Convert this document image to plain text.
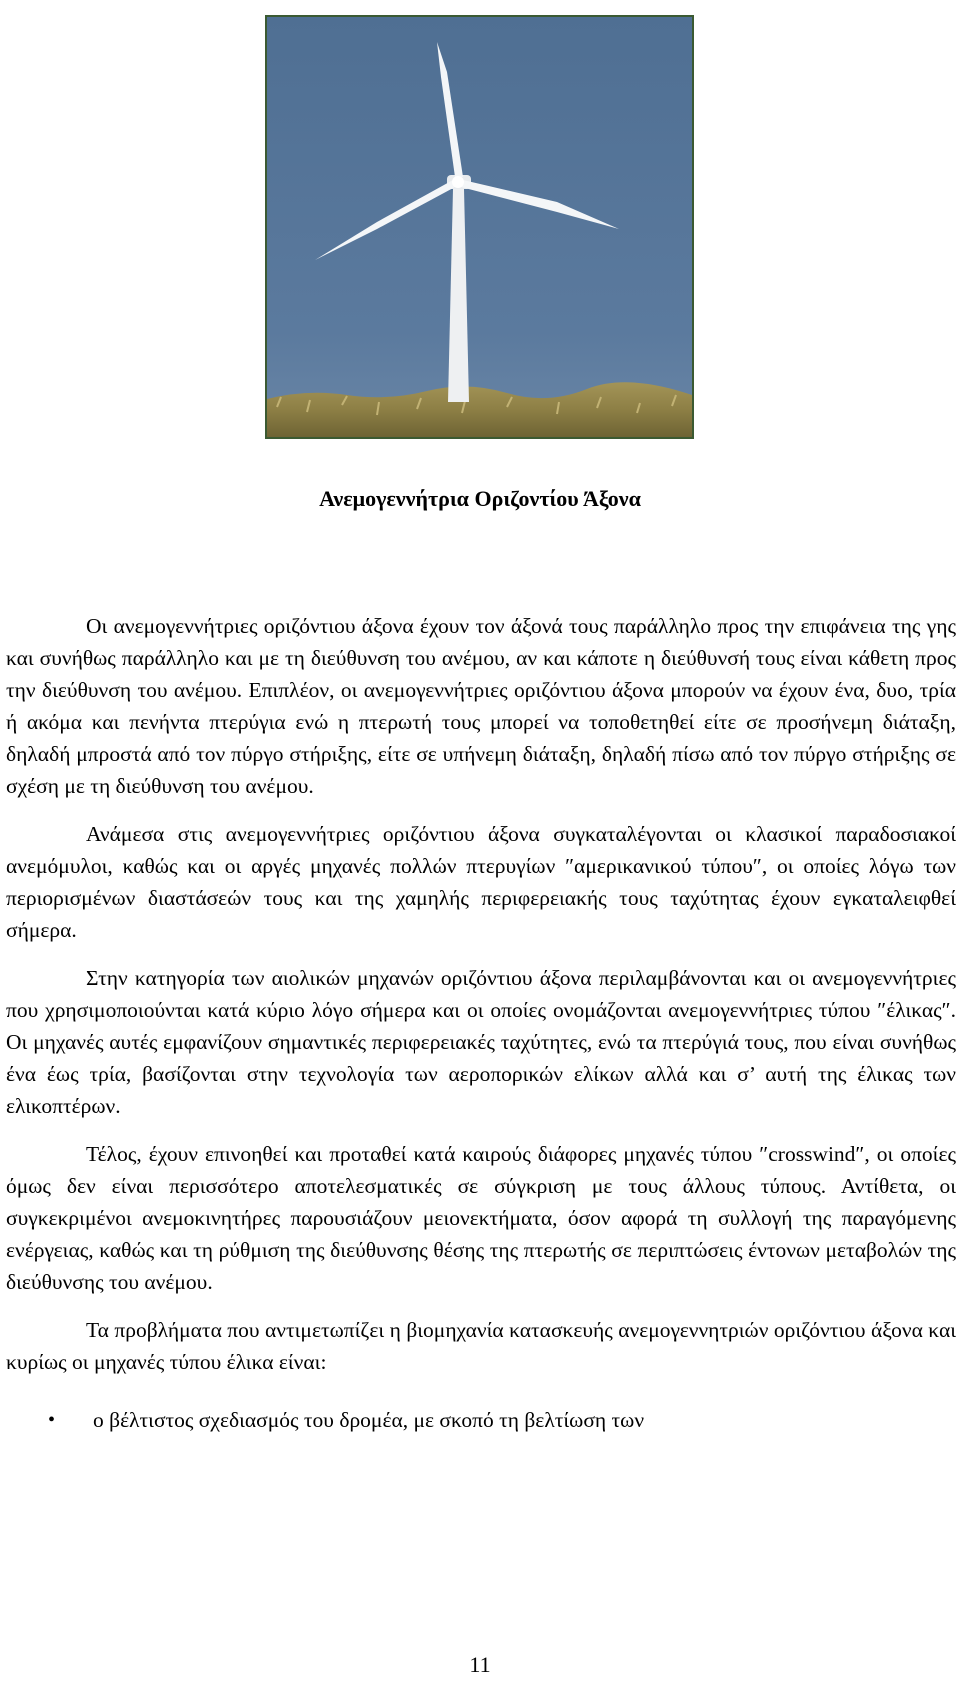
Ανεμογεννήτρια Οριζοντίου Άξονα

Οι ανεμογεννήτριες οριζόντιου άξονα έχουν τον άξονά τους παράλληλο προς την επιφάνεια της γης και συνήθως παράλληλο και με τη διεύθυνση του ανέμου, αν και κάποτε η διεύθυνσή τους είναι κάθετη προς την διεύθυνση του ανέμου. Επιπλέον, οι ανεμογεννήτριες οριζόντιου άξονα μπορούν να έχουν ένα, δυο, τρία ή ακόμα και πενήντα πτερύγια ενώ η πτερωτή τους μπορεί να τοποθετηθεί είτε σε προσήνεμη διάταξη, δηλαδή μπροστά από τον πύργο στήριξης, είτε σε υπήνεμη διάταξη, δηλαδή πίσω από τον πύργο στήριξης σε σχέση με τη διεύθυνση του ανέμου.

Ανάμεσα στις ανεμογεννήτριες οριζόντιου άξονα συγκαταλέγονται οι κλασικοί παραδοσιακοί ανεμόμυλοι, καθώς και οι αργές μηχανές πολλών πτερυγίων ″αμερικανικού τύπου″, οι οποίες λόγω των περιορισμένων διαστάσεών τους και της χαμηλής περιφερειακής τους ταχύτητας έχουν εγκαταλειφθεί σήμερα.

Στην κατηγορία των αιολικών μηχανών οριζόντιου άξονα περιλαμβάνονται και οι ανεμογεννήτριες που χρησιμοποιούνται κατά κύριο λόγο σήμερα και οι οποίες ονομάζονται ανεμογεννήτριες τύπου ″έλικας″. Οι μηχανές αυτές εμφανίζουν σημαντικές περιφερειακές ταχύτητες, ενώ τα πτερύγιά τους, που είναι συνήθως ένα έως τρία, βασίζονται στην τεχνολογία των αεροπορικών ελίκων αλλά και σ’ αυτή της έλικας των ελικοπτέρων.

Τέλος, έχουν επινοηθεί και προταθεί κατά καιρούς διάφορες μηχανές τύπου ″crosswind″, οι οποίες όμως δεν είναι περισσότερο αποτελεσματικές σε σύγκριση με τους άλλους τύπους. Αντίθετα, οι συγκεκριμένοι ανεμοκινητήρες παρουσιάζουν μειονεκτήματα, όσον αφορά τη συλλογή της παραγόμενης ενέργειας, καθώς και τη ρύθμιση της διεύθυνσης θέσης της πτερωτής σε περιπτώσεις έντονων μεταβολών της διεύθυνσης του ανέμου.

Τα προβλήματα που αντιμετωπίζει η βιομηχανία κατασκευής ανεμογεννητριών οριζόντιου άξονα και κυρίως οι μηχανές τύπου έλικα είναι:

• ο βέλτιστος σχεδιασμός του δρομέα, με σκοπό τη βελτίωση των
11
